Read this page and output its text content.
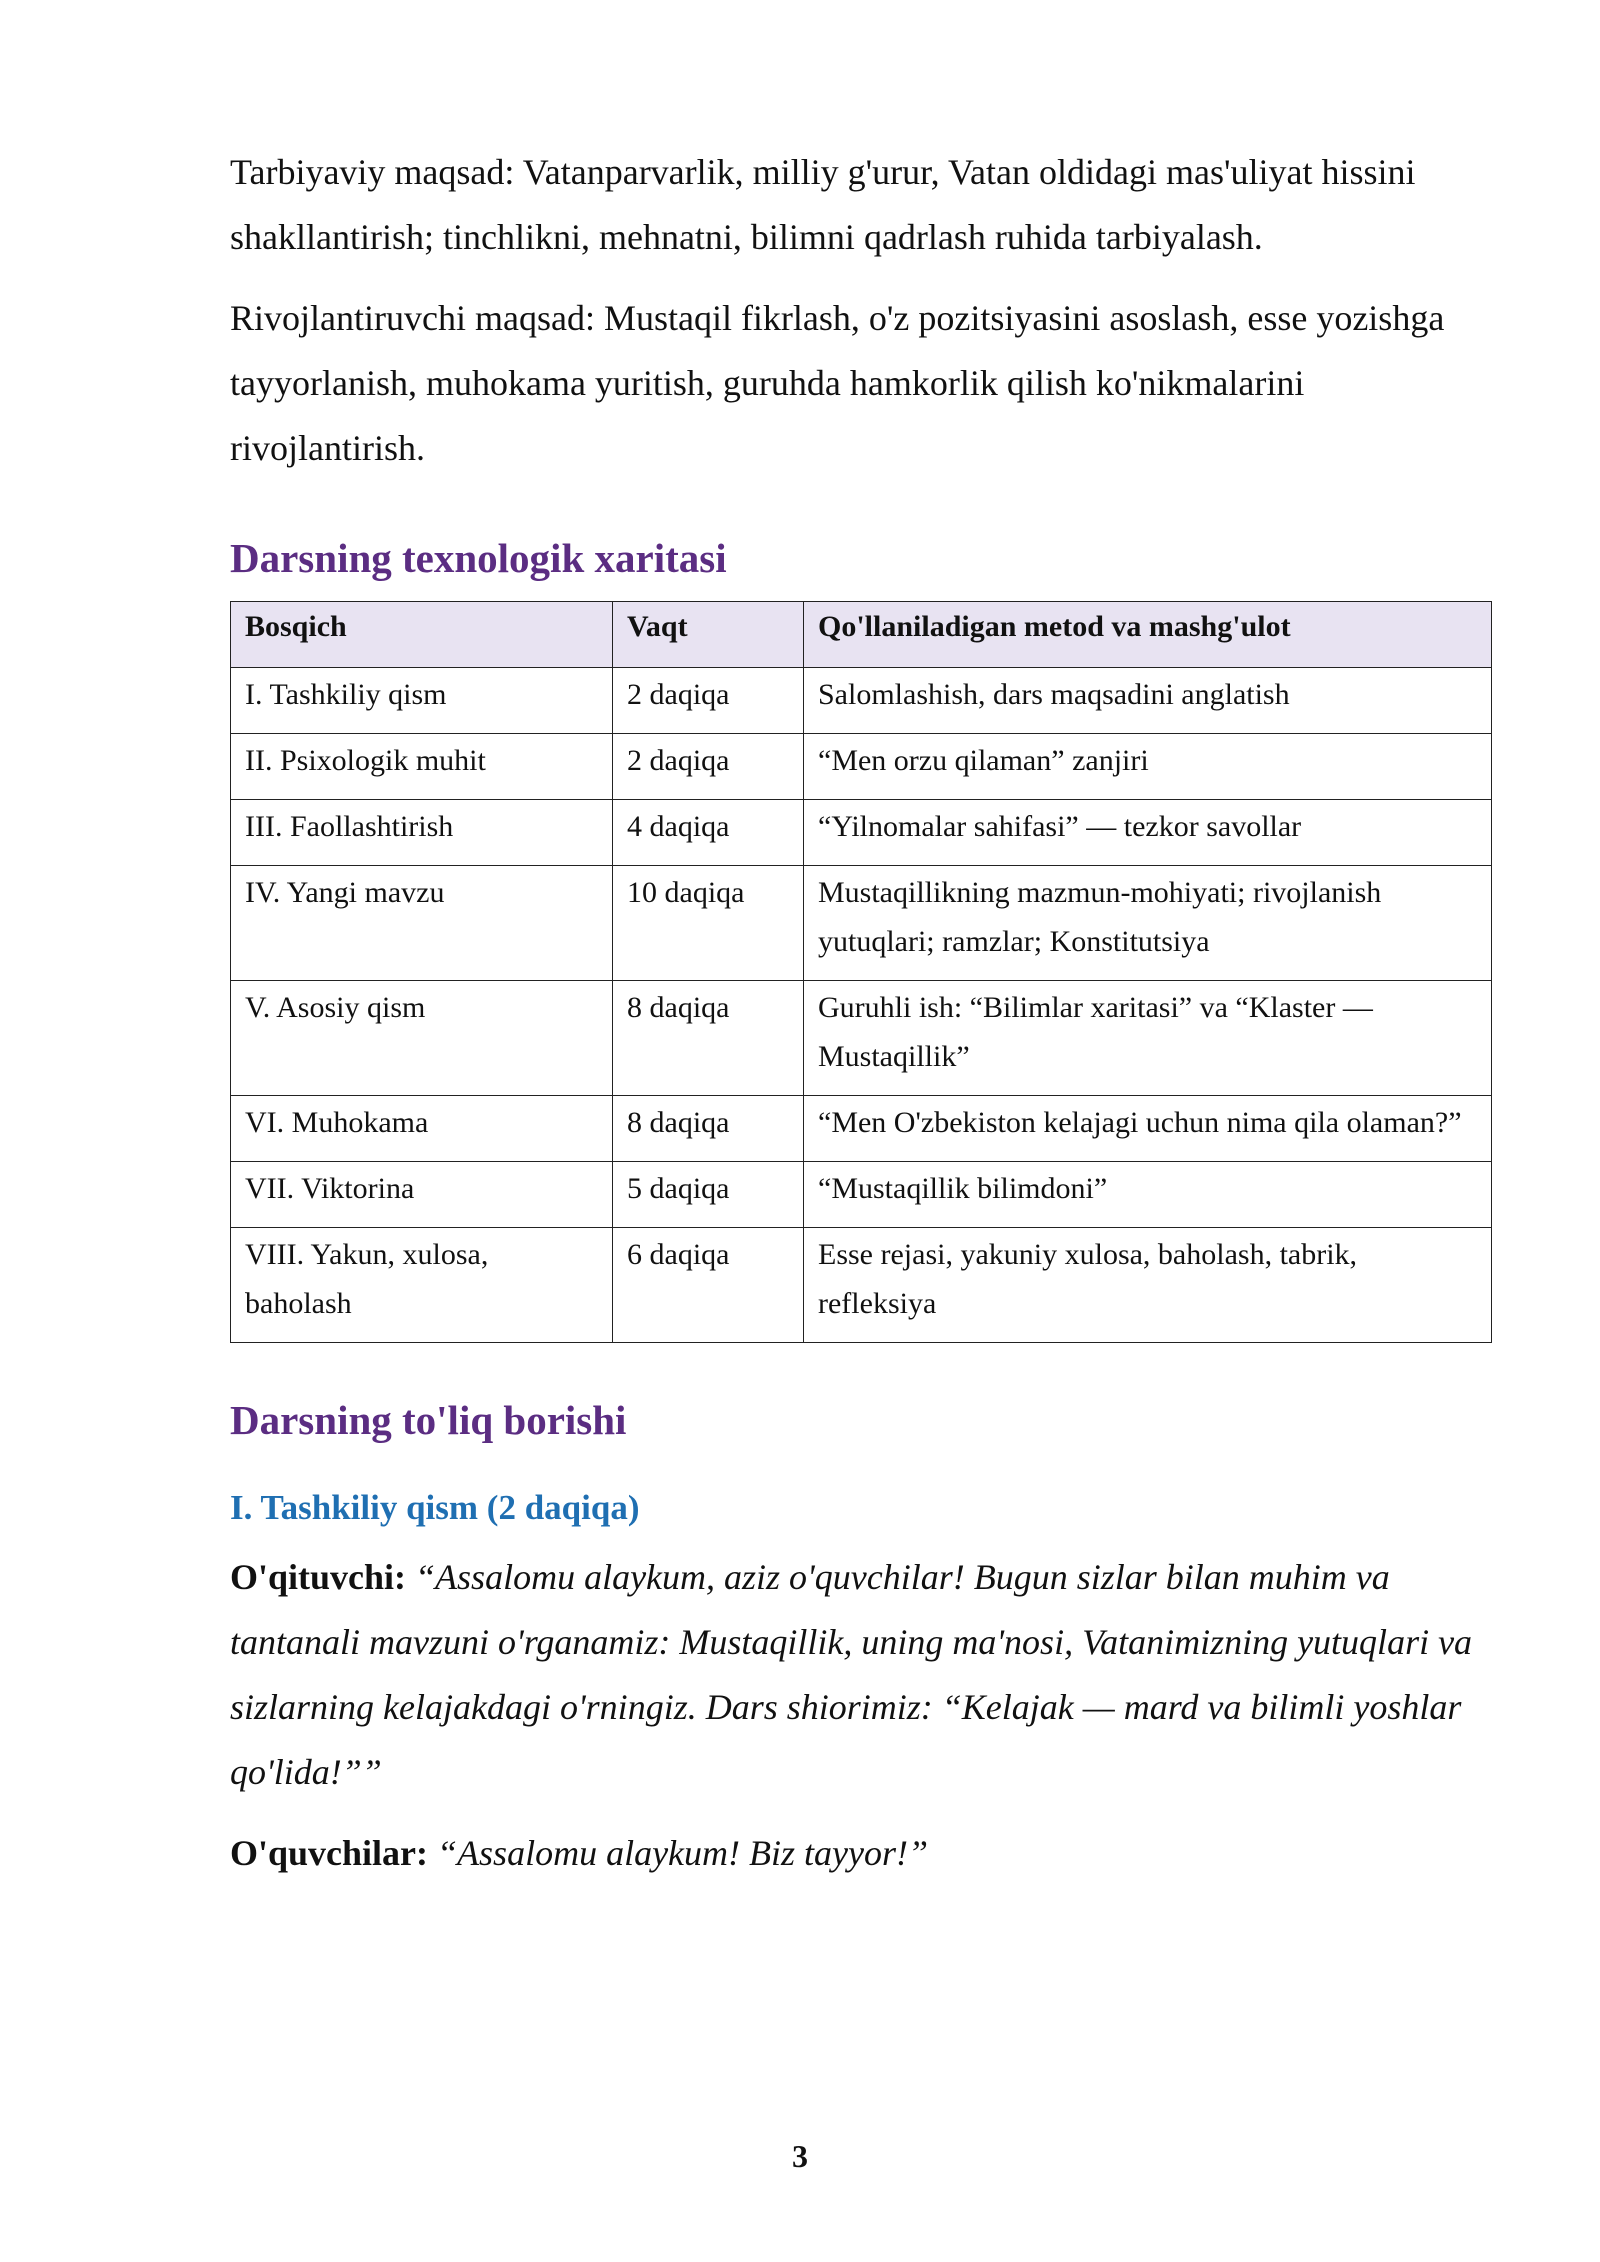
Tarbiyaviy maqsad: Vatanparvarlik, milliy g'urur, Vatan oldidagi mas'uliyat hissini shakllantirish; tinchlikni, mehnatni, bilimni qadrlash ruhida tarbiyalash.

Rivojlantiruvchi maqsad: Mustaqil fikrlash, o'z pozitsiyasini asoslash, esse yozishga tayyorlanish, muhokama yuritish, guruhda hamkorlik qilish ko'nikmalarini rivojlantirish.

Darsning texnologik xaritasi
Bosqich	Vaqt	Qo'llaniladigan metod va mashg'ulot
I. Tashkiliy qism	2 daqiqa	Salomlashish, dars maqsadini anglatish
II. Psixologik muhit	2 daqiqa	“Men orzu qilaman” zanjiri
III. Faollashtirish	4 daqiqa	“Yilnomalar sahifasi” — tezkor savollar
IV. Yangi mavzu	10 daqiqa	Mustaqillikning mazmun-mohiyati; rivojlanish yutuqlari; ramzlar; Konstitutsiya
V. Asosiy qism	8 daqiqa	Guruhli ish: “Bilimlar xaritasi” va “Klaster — Mustaqillik”
VI. Muhokama	8 daqiqa	“Men O'zbekiston kelajagi uchun nima qila olaman?”
VII. Viktorina	5 daqiqa	“Mustaqillik bilimdoni”
VIII. Yakun, xulosa, baholash	6 daqiqa	Esse rejasi, yakuniy xulosa, baholash, tabrik, refleksiya
Darsning to'liq borishi
I. Tashkiliy qism (2 daqiqa)

O'qituvchi: “Assalomu alaykum, aziz o'quvchilar! Bugun sizlar bilan muhim va tantanali mavzuni o'rganamiz: Mustaqillik, uning ma'nosi, Vatanimizning yutuqlari va sizlarning kelajakdagi o'rningiz. Dars shiorimiz: “Kelajak — mard va bilimli yoshlar qo'lida!””

O'quvchilar: “Assalomu alaykum! Biz tayyor!”

3
